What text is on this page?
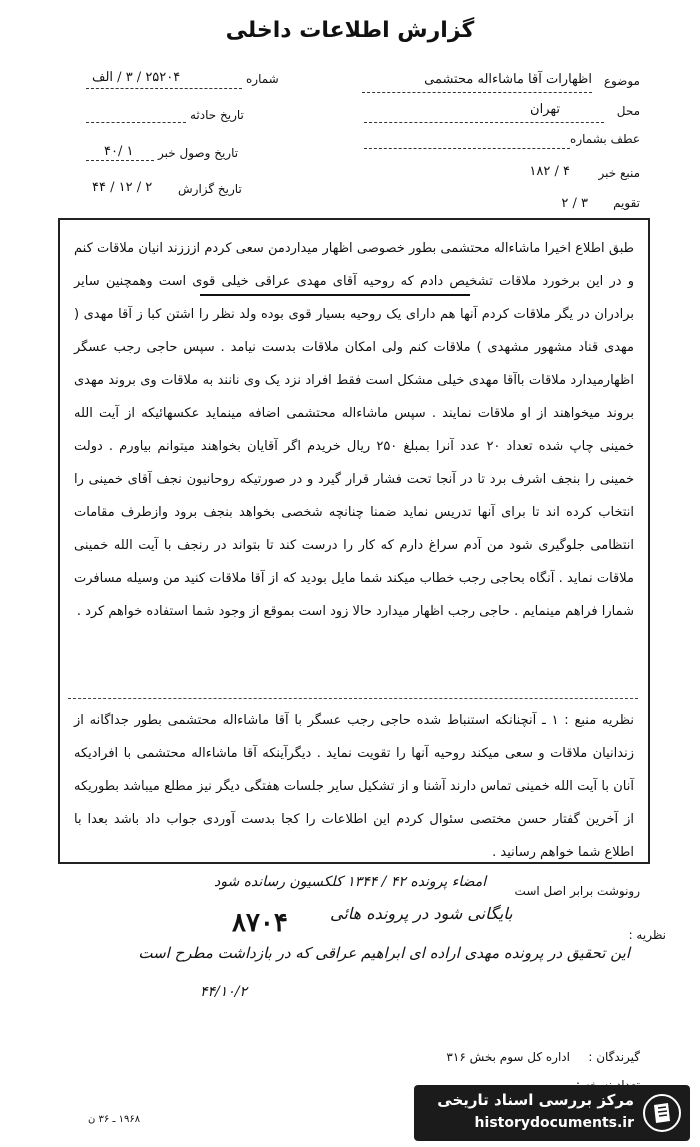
گزارش اطلاعات داخلی
موضوع
اظهارات آقا ماشاءاله محتشمی
محل
تهران
عطف بشماره
منبع خبر
۱۸۲ / ۴
تقویم
۲ / ۳
شماره
۲۵۲۰۴ / ۳ / الف
تاریخ حادثه
تاریخ وصول خبر
۴۰/ ۱
تاریخ گزارش
۴۴ / ۱۲ / ۲
طبق اطلاع اخیرا ماشاءاله محتشمی بطور خصوصی اظهار میداردمن سعی کردم ازززند انیان ملاقات کنم و در این برخورد ملاقات تشخیص دادم که روحیه آقای مهدی عراقی خیلی قوی است وهمچنین سایر برادران در یگر ملاقات کردم آنها هم دارای یک روحیه بسیار قوی بوده ولد نظر را اشتن کبا ز آقا مهدی ( مهدی قناد مشهور مشهدی ) ملاقات کنم ولی امکان ملاقات بدست نیامد . سپس حاجی رجب عسگر اظهارمیدارد ملاقات باآقا مهدی خیلی مشکل است فقط افراد نزد یک وی نانند به ملاقات وی بروند مهدی بروند میخواهند از او ملاقات نمایند . سپس ماشاءاله محتشمی اضافه مینماید عکسهائیکه از آیت الله خمینی چاپ شده تعداد ۲۰ عدد آنرا بمبلغ ۲۵۰ ریال خریدم اگر آقایان بخواهند میتوانم بیاورم . دولت خمینی را بنجف اشرف برد تا در آنجا تحت فشار قرار گیرد و در صورتیکه روحانیون نجف آقای خمینی را انتخاب کرده اند تا برای آنها تدریس نماید ضمنا چنانچه شخصی بخواهد بنجف برود وازطرف مقامات انتظامی جلوگیری شود من آدم سراغ دارم که کار را درست کند تا بتواند در رنجف با آیت الله خمینی ملاقات نماید . آنگاه بحاجی رجب خطاب میکند شما مایل بودید که از آقا ملاقات کنید من وسیله مسافرت شمارا فراهم مینمایم . حاجی رجب اظهار میدارد حالا زود است بموقع از وجود شما استفاده خواهم کرد .
نظریه منبع : ۱ ـ آنچنانکه استنباط شده حاجی رجب عسگر با آقا ماشاءاله محتشمی بطور جداگانه از زندانیان ملاقات و سعی میکند روحیه آنها را تقویت نماید . دیگرآینکه آقا ماشاءاله محتشمی با افرادیکه آنان با آیت الله خمینی تماس دارند آشنا و از تشکیل سایر جلسات هفتگی دیگر نیز مطلع میباشد بطوریکه از آخرین گفتار حسن مختصی سئوال کردم این اطلاعات را کجا بدست آوردی جواب داد باشد بعدا با اطلاع شما خواهم رسانید .
رونوشت برابر اصل است
امضاء پرونده ۴۲ / ۱۳۴۴ کلکسیون رسانده شود
نظریه :
این تحقیق در پرونده مهدی اراده ای ابراهیم عراقی که در بازداشت مطرح است
۸۷۰۴	بایگانی شود در پرونده هائی
۴۴/۱۰/۲
گیرندگان :
اداره کل سوم بخش ۳۱۶
۱۹۶۸ ـ ۳۶ ن
مرکز بررسی اسناد تاریخی
historydocuments.ir
